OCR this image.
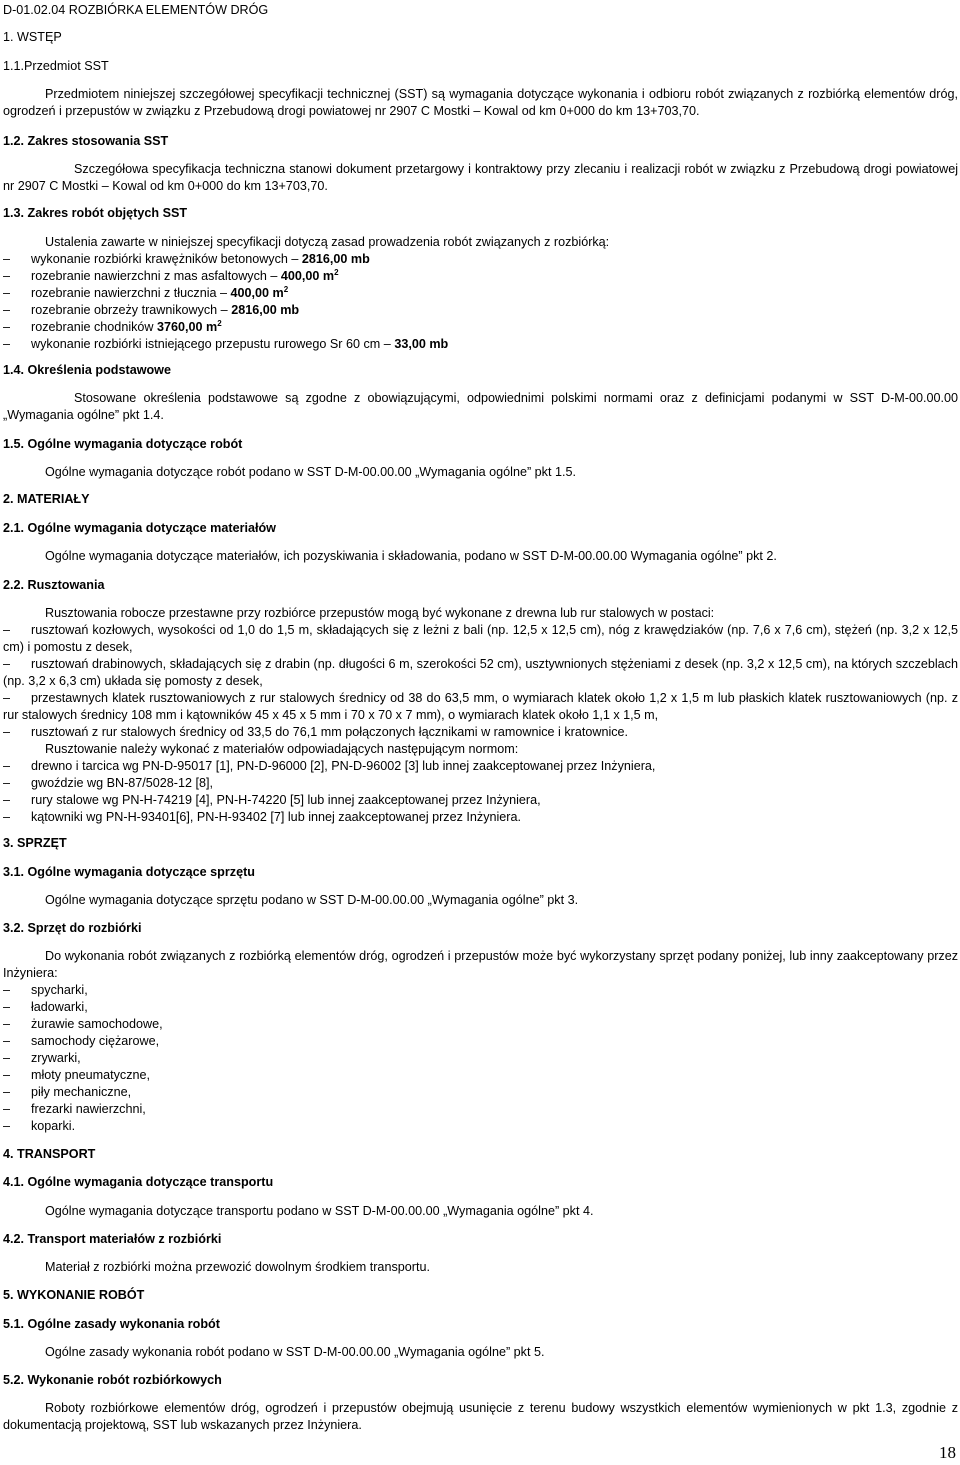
D-01.02.04 ROZBIÓRKA ELEMENTÓW DRÓG
1. WSTĘP
1.1.Przedmiot SST
Przedmiotem niniejszej szczegółowej specyfikacji technicznej (SST) są wymagania dotyczące wykonania i odbioru robót związanych z rozbiórką elementów dróg, ogrodzeń i przepustów w związku z Przebudową drogi powiatowej nr 2907 C Mostki – Kowal od km 0+000 do km 13+703,70.
1.2. Zakres stosowania SST
Szczegółowa specyfikacja techniczna stanowi dokument przetargowy i kontraktowy przy zlecaniu i realizacji robót w związku z Przebudową drogi powiatowej nr 2907 C Mostki – Kowal od km 0+000 do km 13+703,70.
1.3. Zakres robót objętych SST
Ustalenia zawarte w niniejszej specyfikacji dotyczą zasad prowadzenia robót związanych z rozbiórką:
– wykonanie rozbiórki krawężników betonowych – 2816,00 mb
– rozebranie nawierzchni z mas asfaltowych – 400,00 $m^2$
– rozebranie nawierzchni z tłucznia – 400,00 $m^2$
– rozebranie obrzeży trawnikowych – 2816,00 mb
– rozebranie chodników 3760,00 $m^2$
– wykonanie rozbiórki istniejącego przepustu rurowego Sr 60 cm – 33,00 mb
1.4. Określenia podstawowe
Stosowane określenia podstawowe są zgodne z obowiązującymi, odpowiednimi polskimi normami oraz z definicjami podanymi w SST D-M-00.00.00 „Wymagania ogólne” pkt 1.4.
1.5. Ogólne wymagania dotyczące robót
Ogólne wymagania dotyczące robót podano w SST D-M-00.00.00 „Wymagania ogólne” pkt 1.5.
2. MATERIAŁY
2.1. Ogólne wymagania dotyczące materiałów
Ogólne wymagania dotyczące materiałów, ich pozyskiwania i składowania, podano w SST D-M-00.00.00 Wymagania ogólne” pkt 2.
2.2. Rusztowania
Rusztowania robocze przestawne przy rozbiórce przepustów mogą być wykonane z drewna lub rur stalowych w postaci:
– rusztowań kozłowych, wysokości od 1,0 do 1,5 m, składających się z leżni z bali (np. 12,5 x 12,5 cm), nóg z krawędziaków (np. 7,6 x 7,6 cm), stężeń (np. 3,2 x 12,5 cm) i pomostu z desek,
– rusztowań drabinowych, składających się z drabin (np. długości 6 m, szerokości 52 cm), usztywnionych stężeniami z desek (np. 3,2 x 12,5 cm), na których szczeblach (np. 3,2 x 6,3 cm) układa się pomosty z desek,
– przestawnych klatek rusztowaniowych z rur stalowych średnicy od 38 do 63,5 mm, o wymiarach klatek około 1,2 x 1,5 m lub płaskich klatek rusztowaniowych (np. z rur stalowych średnicy 108 mm i kątowników 45 x 45 x 5 mm i 70 x 70 x 7 mm), o wymiarach klatek około 1,1 x 1,5 m,
– rusztowań z rur stalowych średnicy od 33,5 do 76,1 mm połączonych łącznikami w ramownice i kratownice.
Rusztowanie należy wykonać z materiałów odpowiadających następującym normom:
– drewno i tarcica wg PN-D-95017 [1], PN-D-96000 [2], PN-D-96002 [3] lub innej zaakceptowanej przez Inżyniera,
– gwoździe wg BN-87/5028-12 [8],
– rury stalowe wg PN-H-74219 [4], PN-H-74220 [5] lub innej zaakceptowanej przez Inżyniera,
– kątowniki wg PN-H-93401[6], PN-H-93402 [7] lub innej zaakceptowanej przez Inżyniera.
3. SPRZĘT
3.1. Ogólne wymagania dotyczące sprzętu
Ogólne wymagania dotyczące sprzętu podano w SST D-M-00.00.00 „Wymagania ogólne” pkt 3.
3.2. Sprzęt do rozbiórki
Do wykonania robót związanych z rozbiórką elementów dróg, ogrodzeń i przepustów może być wykorzystany sprzęt podany poniżej, lub inny zaakceptowany przez Inżyniera:
– spycharki,
– ładowarki,
– żurawie samochodowe,
– samochody ciężarowe,
– zrywarki,
– młoty pneumatyczne,
– piły mechaniczne,
– frezarki nawierzchni,
– koparki.
4. TRANSPORT
4.1. Ogólne wymagania dotyczące transportu
Ogólne wymagania dotyczące transportu podano w SST D-M-00.00.00 „Wymagania ogólne” pkt 4.
4.2. Transport materiałów z rozbiórki
Materiał z rozbiórki można przewozić dowolnym środkiem transportu.
5. WYKONANIE ROBÓT
5.1. Ogólne zasady wykonania robót
Ogólne zasady wykonania robót podano w SST D-M-00.00.00 „Wymagania ogólne” pkt 5.
5.2. Wykonanie robót rozbiórkowych
Roboty rozbiórkowe elementów dróg, ogrodzeń i przepustów obejmują usunięcie z terenu budowy wszystkich elementów wymienionych w pkt 1.3, zgodnie z dokumentacją projektową, SST lub wskazanych przez Inżyniera.
18
